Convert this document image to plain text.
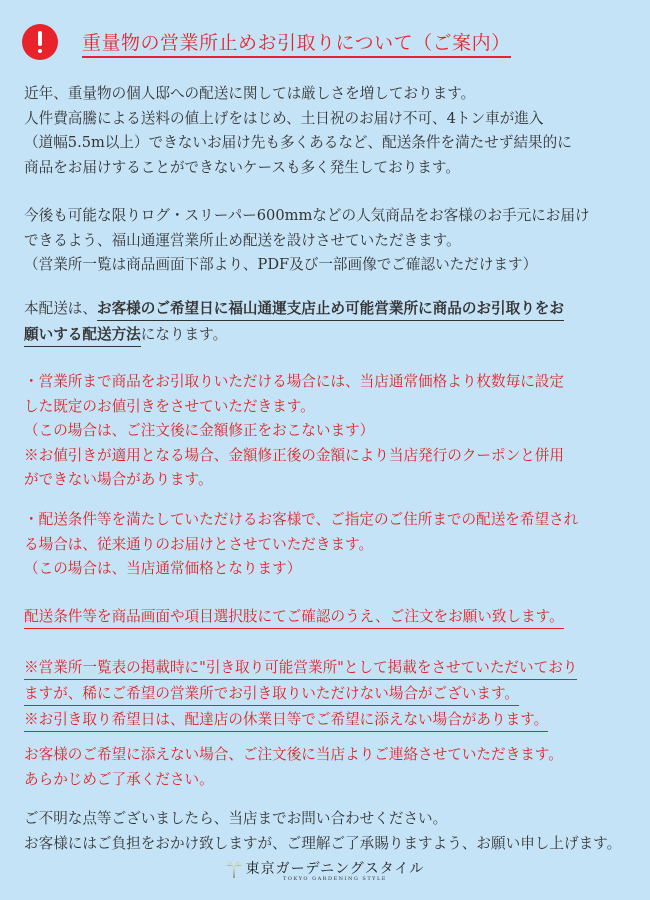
重量物の営業所止めお引取りについて（ご案内）
近年、重量物の個人邸への配送に関しては厳しさを増しております。
人件費高騰による送料の値上げをはじめ、土日祝のお届け不可、4トン車が進入
（道幅5.5m以上）できないお届け先も多くあるなど、配送条件を満たせず結果的に
商品をお届けすることができないケースも多く発生しております。
今後も可能な限りログ・スリーパー600mmなどの人気商品をお客様のお手元にお届け
できるよう、福山通運営業所止め配送を設けさせていただきます。
（営業所一覧は商品画面下部より、PDF及び一部画像でご確認いただけます）
本配送は、お客様のご希望日に福山通運支店止め可能営業所に商品のお引取りをお
願いする配送方法になります。
・営業所まで商品をお引取りいただける場合には、当店通常価格より枚数毎に設定
した既定のお値引きをさせていただきます。
（この場合は、ご注文後に金額修正をおこないます）
※お値引きが適用となる場合、金額修正後の金額により当店発行のクーポンと併用
ができない場合があります。
・配送条件等を満たしていただけるお客様で、ご指定のご住所までの配送を希望され
る場合は、従来通りのお届けとさせていただきます。
（この場合は、当店通常価格となります）
配送条件等を商品画面や項目選択肢にてご確認のうえ、ご注文をお願い致します。
※営業所一覧表の掲載時に"引き取り可能営業所"として掲載をさせていただいており
ますが、稀にご希望の営業所でお引き取りいただけない場合がございます。
※お引き取り希望日は、配達店の休業日等でご希望に添えない場合があります。
お客様のご希望に添えない場合、ご注文後に当店よりご連絡させていただきます。
あらかじめご了承ください。
ご不明な点等ございましたら、当店までお問い合わせください。
お客様にはご負担をおかけ致しますが、ご理解ご了承賜りますよう、お願い申し上げます。
東京ガーデニングスタイル
TOKYO GARDENING STYLE
